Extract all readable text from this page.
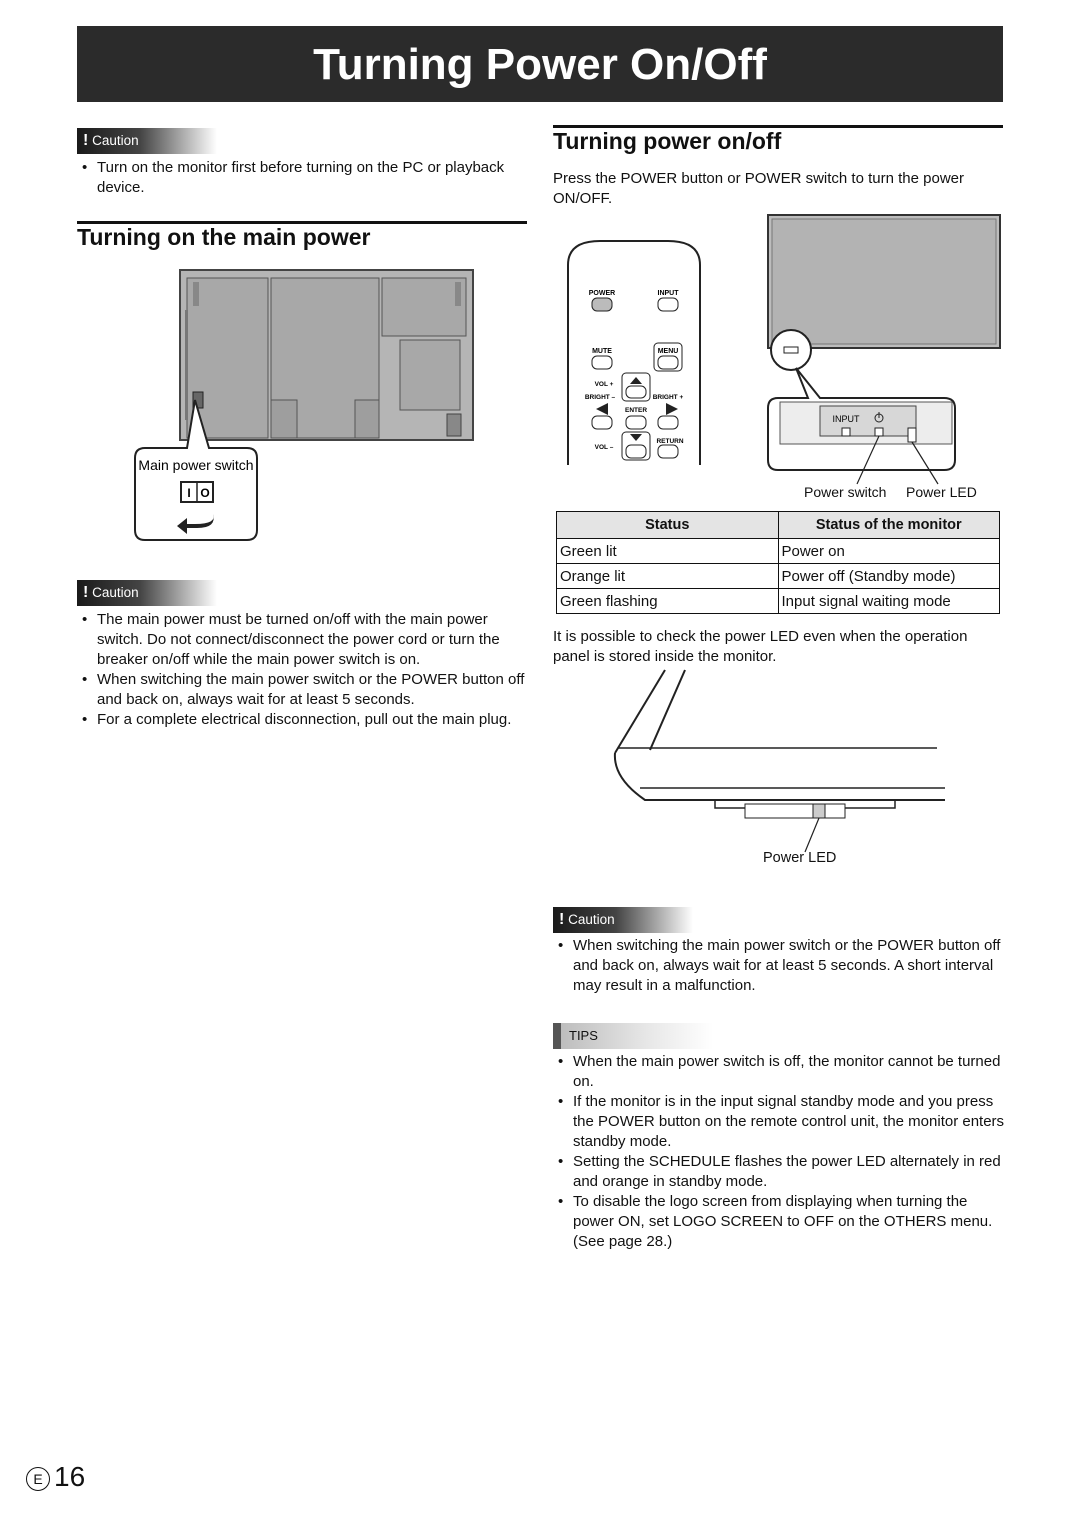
Turning Power On/Off
! Caution
• Turn on the monitor first before turning on the PC or playback device.
Turning on the main power
Main power switch
I O
! Caution
• The main power must be turned on/off with the main power switch. Do not connect/disconnect the power cord or turn the breaker on/off while the main power switch is on.
• When switching the main power switch or the POWER button off and back on, always wait for at least 5 seconds.
• For a complete electrical disconnection, pull out the main plug.
Turning power on/off

Press the POWER button or POWER switch to turn the power ON/OFF.

POWER	INPUT
MUTE	MENU
VOL +
BRIGHT –	BRIGHT +
ENTER
RETURN
VOL –
INPUT
Power switch Power LED
Status	Status of the monitor
Green lit	Power on
Orange lit	Power off (Standby mode)
Green flashing	Input signal waiting mode

It is possible to check the power LED even when the operation panel is stored inside the monitor.

Power LED
! Caution
• When switching the main power switch or the POWER button off and back on, always wait for at least 5 seconds. A short interval may result in a malfunction.
TIPS
• When the main power switch is off, the monitor cannot be turned on.
• If the monitor is in the input signal standby mode and you press the POWER button on the remote control unit, the monitor enters standby mode.
• Setting the SCHEDULE flashes the power LED alternately in red and orange in standby mode.
• To disable the logo screen from displaying when turning the power ON, set LOGO SCREEN to OFF on the OTHERS menu. (See page 28.)
E 16
